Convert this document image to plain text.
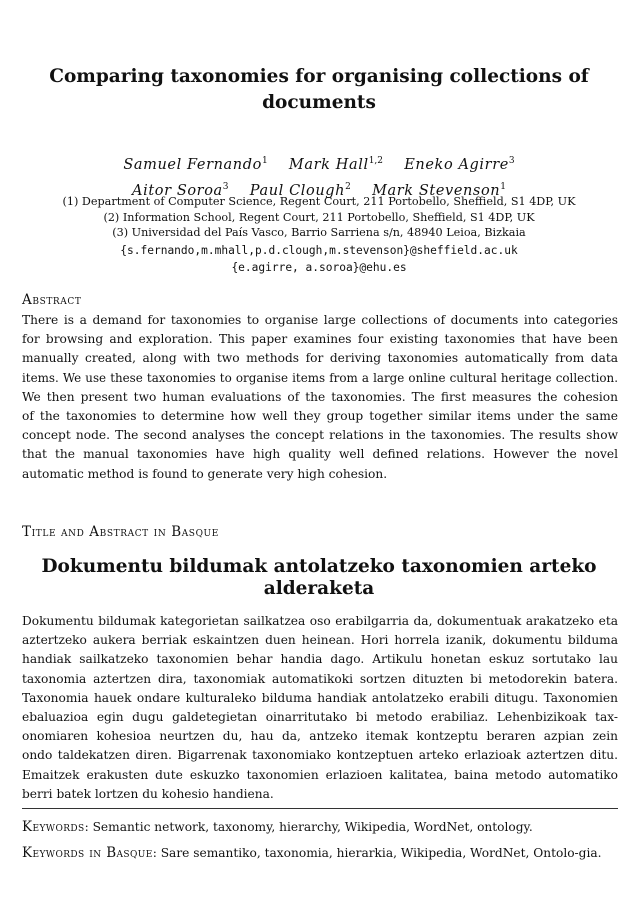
Comparing taxonomies for organising collections of documents
Samuel Fernando$^1$ Mark Hall$^{1,2}$ Eneko Agirre$^3$
Aitor Soroa$^3$ Paul Clough$^2$ Mark Stevenson$^1$
(1) Department of Computer Science, Regent Court, 211 Portobello, Sheffield, S1 4DP, UK
(2) Information School, Regent Court, 211 Portobello, Sheffield, S1 4DP, UK
(3) Universidad del País Vasco, Barrio Sarriena s/n, 48940 Leioa, Bizkaia
{s.fernando,m.mhall,p.d.clough,m.stevenson}@sheffield.ac.uk
{e.agirre, a.soroa}@ehu.es
Abstract
There is a demand for taxonomies to organise large collections of documents into categories
for browsing and exploration. This paper examines four existing taxonomies that have been
manually created, along with two methods for deriving taxonomies automatically from data
items. We use these taxonomies to organise items from a large online cultural heritage collection.
We then present two human evaluations of the taxonomies. The first measures the cohesion
of the taxonomies to determine how well they group together similar items under the same
concept node. The second analyses the concept relations in the taxonomies. The results show
that the manual taxonomies have high quality well defined relations. However the novel
automatic method is found to generate very high cohesion.
Title and Abstract in Basque
Dokumentu bildumak antolatzeko taxonomien arteko alderaketa
Dokumentu bildumak kategorietan sailkatzea oso erabilgarria da, dokumentuak arakatzeko eta
aztertzeko aukera berriak eskaintzen duen heinean. Hori horrela izanik, dokumentu bilduma
handiak sailkatzeko taxonomien behar handia dago. Artikulu honetan eskuz sortutako lau
taxonomia aztertzen dira, taxonomiak automatikoki sortzen dituzten bi metodorekin batera.
Taxonomia hauek ondare kulturaleko bilduma handiak antolatzeko erabili ditugu. Taxonomien
ebaluazioa egin dugu galdetegietan oinarritutako bi metodo erabiliaz. Lehenbizikoak tax-
onomiaren kohesioa neurtzen du, hau da, antzeko itemak kontzeptu beraren azpian zein
ondo taldekatzen diren. Bigarrenak taxonomiako kontzeptuen arteko erlazioak aztertzen ditu.
Emaitzek erakusten dute eskuzko taxonomien erlazioen kalitatea, baina metodo automatiko
berri batek lortzen du kohesio handiena.
Keywords: Semantic network, taxonomy, hierarchy, Wikipedia, WordNet, ontology.
Keywords in Basque: Sare semantiko, taxonomia, hierarkia, Wikipedia, WordNet, Ontolo-gia.
